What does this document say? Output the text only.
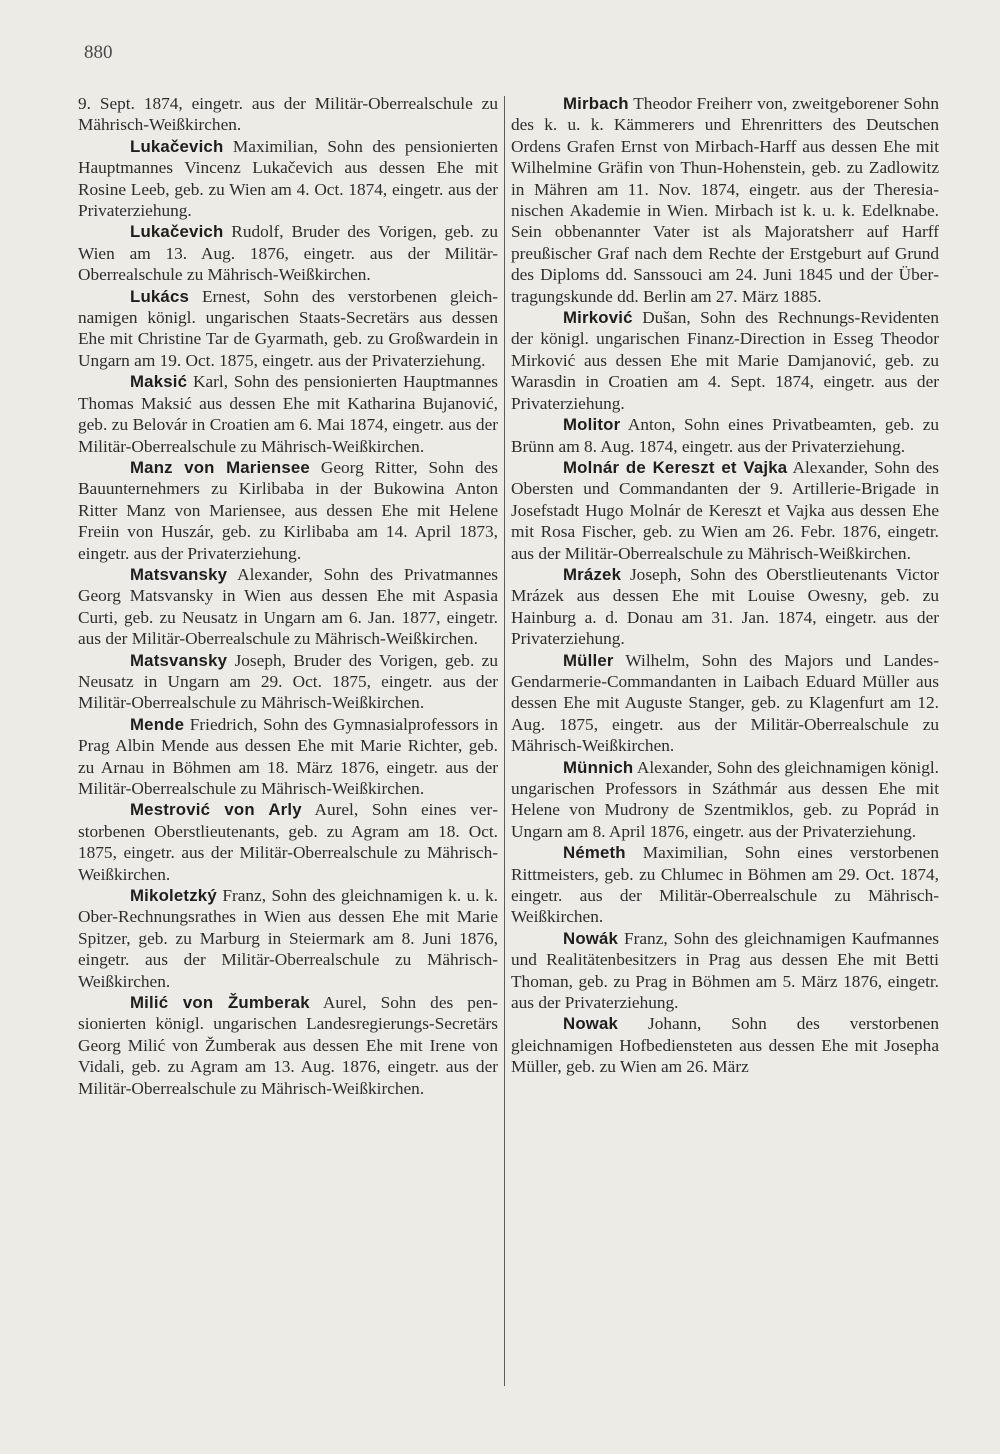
880

9. Sept. 1874, eingetr. aus der Militär-Oberrealschule zu Mährisch-Weißkirchen.

Lukačevich Maximilian, Sohn des pensionierten Hauptmannes Vincenz Lukačevich aus dessen Ehe mit Rosine Leeb, geb. zu Wien am 4. Oct. 1874, eingetr. aus der Privaterziehung.

Lukačevich Rudolf, Bruder des Vorigen, geb. zu Wien am 13. Aug. 1876, eingetr. aus der Militär-Oberrealschule zu Mährisch-Weißkirchen.

Lukács Ernest, Sohn des verstorbenen gleichnamigen königl. ungarischen Staats-Secretärs aus dessen Ehe mit Christine Tar de Gyarmath, geb. zu Großwardein in Ungarn am 19. Oct. 1875, eingetr. aus der Privaterziehung.

Maksić Karl, Sohn des pensionierten Hauptmannes Thomas Maksić aus dessen Ehe mit Katharina Bujanović, geb. zu Belovár in Croatien am 6. Mai 1874, eingetr. aus der Militär-Oberrealschule zu Mährisch-Weißkirchen.

Manz von Mariensee Georg Ritter, Sohn des Bauunternehmers zu Kirlibaba in der Bukowina Anton Ritter Manz von Mariensee, aus dessen Ehe mit Helene Freiin von Huszár, geb. zu Kirlibaba am 14. April 1873, eingetr. aus der Privaterziehung.

Matsvansky Alexander, Sohn des Privatmannes Georg Matsvansky in Wien aus dessen Ehe mit Aspasia Curti, geb. zu Neusatz in Ungarn am 6. Jan. 1877, eingetr. aus der Militär-Oberrealschule zu Mährisch-Weißkirchen.

Matsvansky Joseph, Bruder des Vorigen, geb. zu Neusatz in Ungarn am 29. Oct. 1875, eingetr. aus der Militär-Oberrealschule zu Mährisch-Weißkirchen.

Mende Friedrich, Sohn des Gymnasialprofessors in Prag Albin Mende aus dessen Ehe mit Marie Richter, geb. zu Arnau in Böhmen am 18. März 1876, eingetr. aus der Militär-Oberrealschule zu Mährisch-Weißkirchen.

Mestrović von Arly Aurel, Sohn eines verstorbenen Oberstlieutenants, geb. zu Agram am 18. Oct. 1875, eingetr. aus der Militär-Oberrealschule zu Mährisch-Weißkirchen.

Mikoletzký Franz, Sohn des gleichnamigen k. u. k. Ober-Rechnungsrathes in Wien aus dessen Ehe mit Marie Spitzer, geb. zu Marburg in Steiermark am 8. Juni 1876, eingetr. aus der Militär-Oberrealschule zu Mährisch-Weißkirchen.

Milić von Žumberak Aurel, Sohn des pensionierten königl. ungarischen Landesregierungs-Secretärs Georg Milić von Žumberak aus dessen Ehe mit Irene von Vidali, geb. zu Agram am 13. Aug. 1876, eingetr. aus der Militär-Oberrealschule zu Mährisch-Weißkirchen.

Mirbach Theodor Freiherr von, zweitgeborener Sohn des k. u. k. Kämmerers und Ehrenritters des Deutschen Ordens Grafen Ernst von Mirbach-Harff aus dessen Ehe mit Wilhelmine Gräfin von Thun-Hohenstein, geb. zu Zadlowitz in Mähren am 11. Nov. 1874, eingetr. aus der Theresianischen Akademie in Wien. Mirbach ist k. u. k. Edelknabe. Sein obbenannter Vater ist als Majoratsherr auf Harff preußischer Graf nach dem Rechte der Erstgeburt auf Grund des Diploms dd. Sanssouci am 24. Juni 1845 und der Übertragungskunde dd. Berlin am 27. März 1885.

Mirković Dušan, Sohn des Rechnungs-Revidenten der königl. ungarischen Finanz-Direction in Esseg Theodor Mirković aus dessen Ehe mit Marie Damjanović, geb. zu Warasdin in Croatien am 4. Sept. 1874, eingetr. aus der Privaterziehung.

Molitor Anton, Sohn eines Privatbeamten, geb. zu Brünn am 8. Aug. 1874, eingetr. aus der Privaterziehung.

Molnár de Kereszt et Vajka Alexander, Sohn des Obersten und Commandanten der 9. Artillerie-Brigade in Josefstadt Hugo Molnár de Kereszt et Vajka aus dessen Ehe mit Rosa Fischer, geb. zu Wien am 26. Febr. 1876, eingetr. aus der Militär-Oberrealschule zu Mährisch-Weißkirchen.

Mrázek Joseph, Sohn des Oberstlieutenants Victor Mrázek aus dessen Ehe mit Louise Owesny, geb. zu Hainburg a. d. Donau am 31. Jan. 1874, eingetr. aus der Privaterziehung.

Müller Wilhelm, Sohn des Majors und Landes-Gendarmerie-Commandanten in Laibach Eduard Müller aus dessen Ehe mit Auguste Stanger, geb. zu Klagenfurt am 12. Aug. 1875, eingetr. aus der Militär-Oberrealschule zu Mährisch-Weißkirchen.

Münnich Alexander, Sohn des gleichnamigen königl. ungarischen Professors in Száthmár aus dessen Ehe mit Helene von Mudrony de Szentmiklos, geb. zu Poprád in Ungarn am 8. April 1876, eingetr. aus der Privaterziehung.

Németh Maximilian, Sohn eines verstorbenen Rittmeisters, geb. zu Chlumec in Böhmen am 29. Oct. 1874, eingetr. aus der Militär-Oberrealschule zu Mährisch-Weißkirchen.

Nowák Franz, Sohn des gleichnamigen Kaufmannes und Realitätenbesitzers in Prag aus dessen Ehe mit Betti Thoman, geb. zu Prag in Böhmen am 5. März 1876, eingetr. aus der Privaterziehung.

Nowak Johann, Sohn des verstorbenen gleichnamigen Hofbediensteten aus dessen Ehe mit Josepha Müller, geb. zu Wien am 26. März
